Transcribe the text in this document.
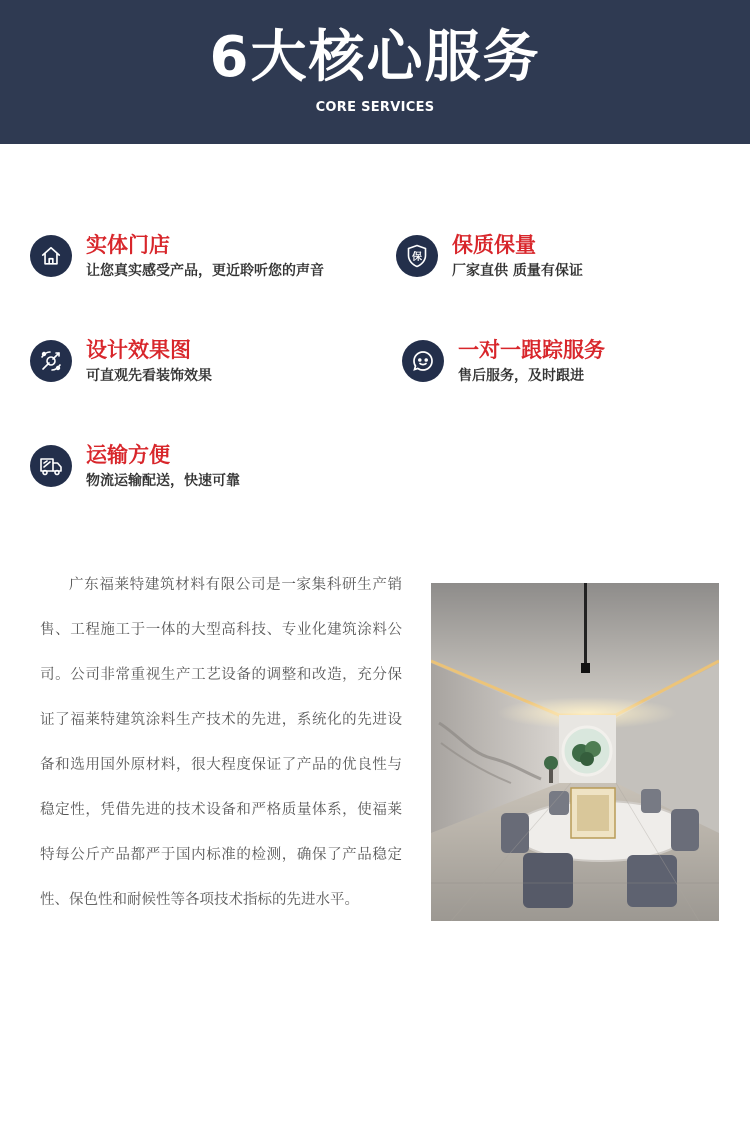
6大核心服务
CORE SERVICES
实体门店
让您真实感受产品，更近聆听您的声音
保
保质保量
厂家直供 质量有保证
设计效果图
可直观先看装饰效果
一对一跟踪服务
售后服务，及时跟进
运输方便
物流运输配送，快速可靠

广东福莱特建筑材料有限公司是一家集科研生产销售、工程施工于一体的大型高科技、专业化建筑涂料公司。公司非常重视生产工艺设备的调整和改造，充分保证了福莱特建筑涂料生产技术的先进，系统化的先进设备和选用国外原材料，很大程度保证了产品的优良性与稳定性，凭借先进的技术设备和严格质量体系，使福莱特每公斤产品都严于国内标准的检测，确保了产品稳定性、保色性和耐候性等各项技术指标的先进水平。
